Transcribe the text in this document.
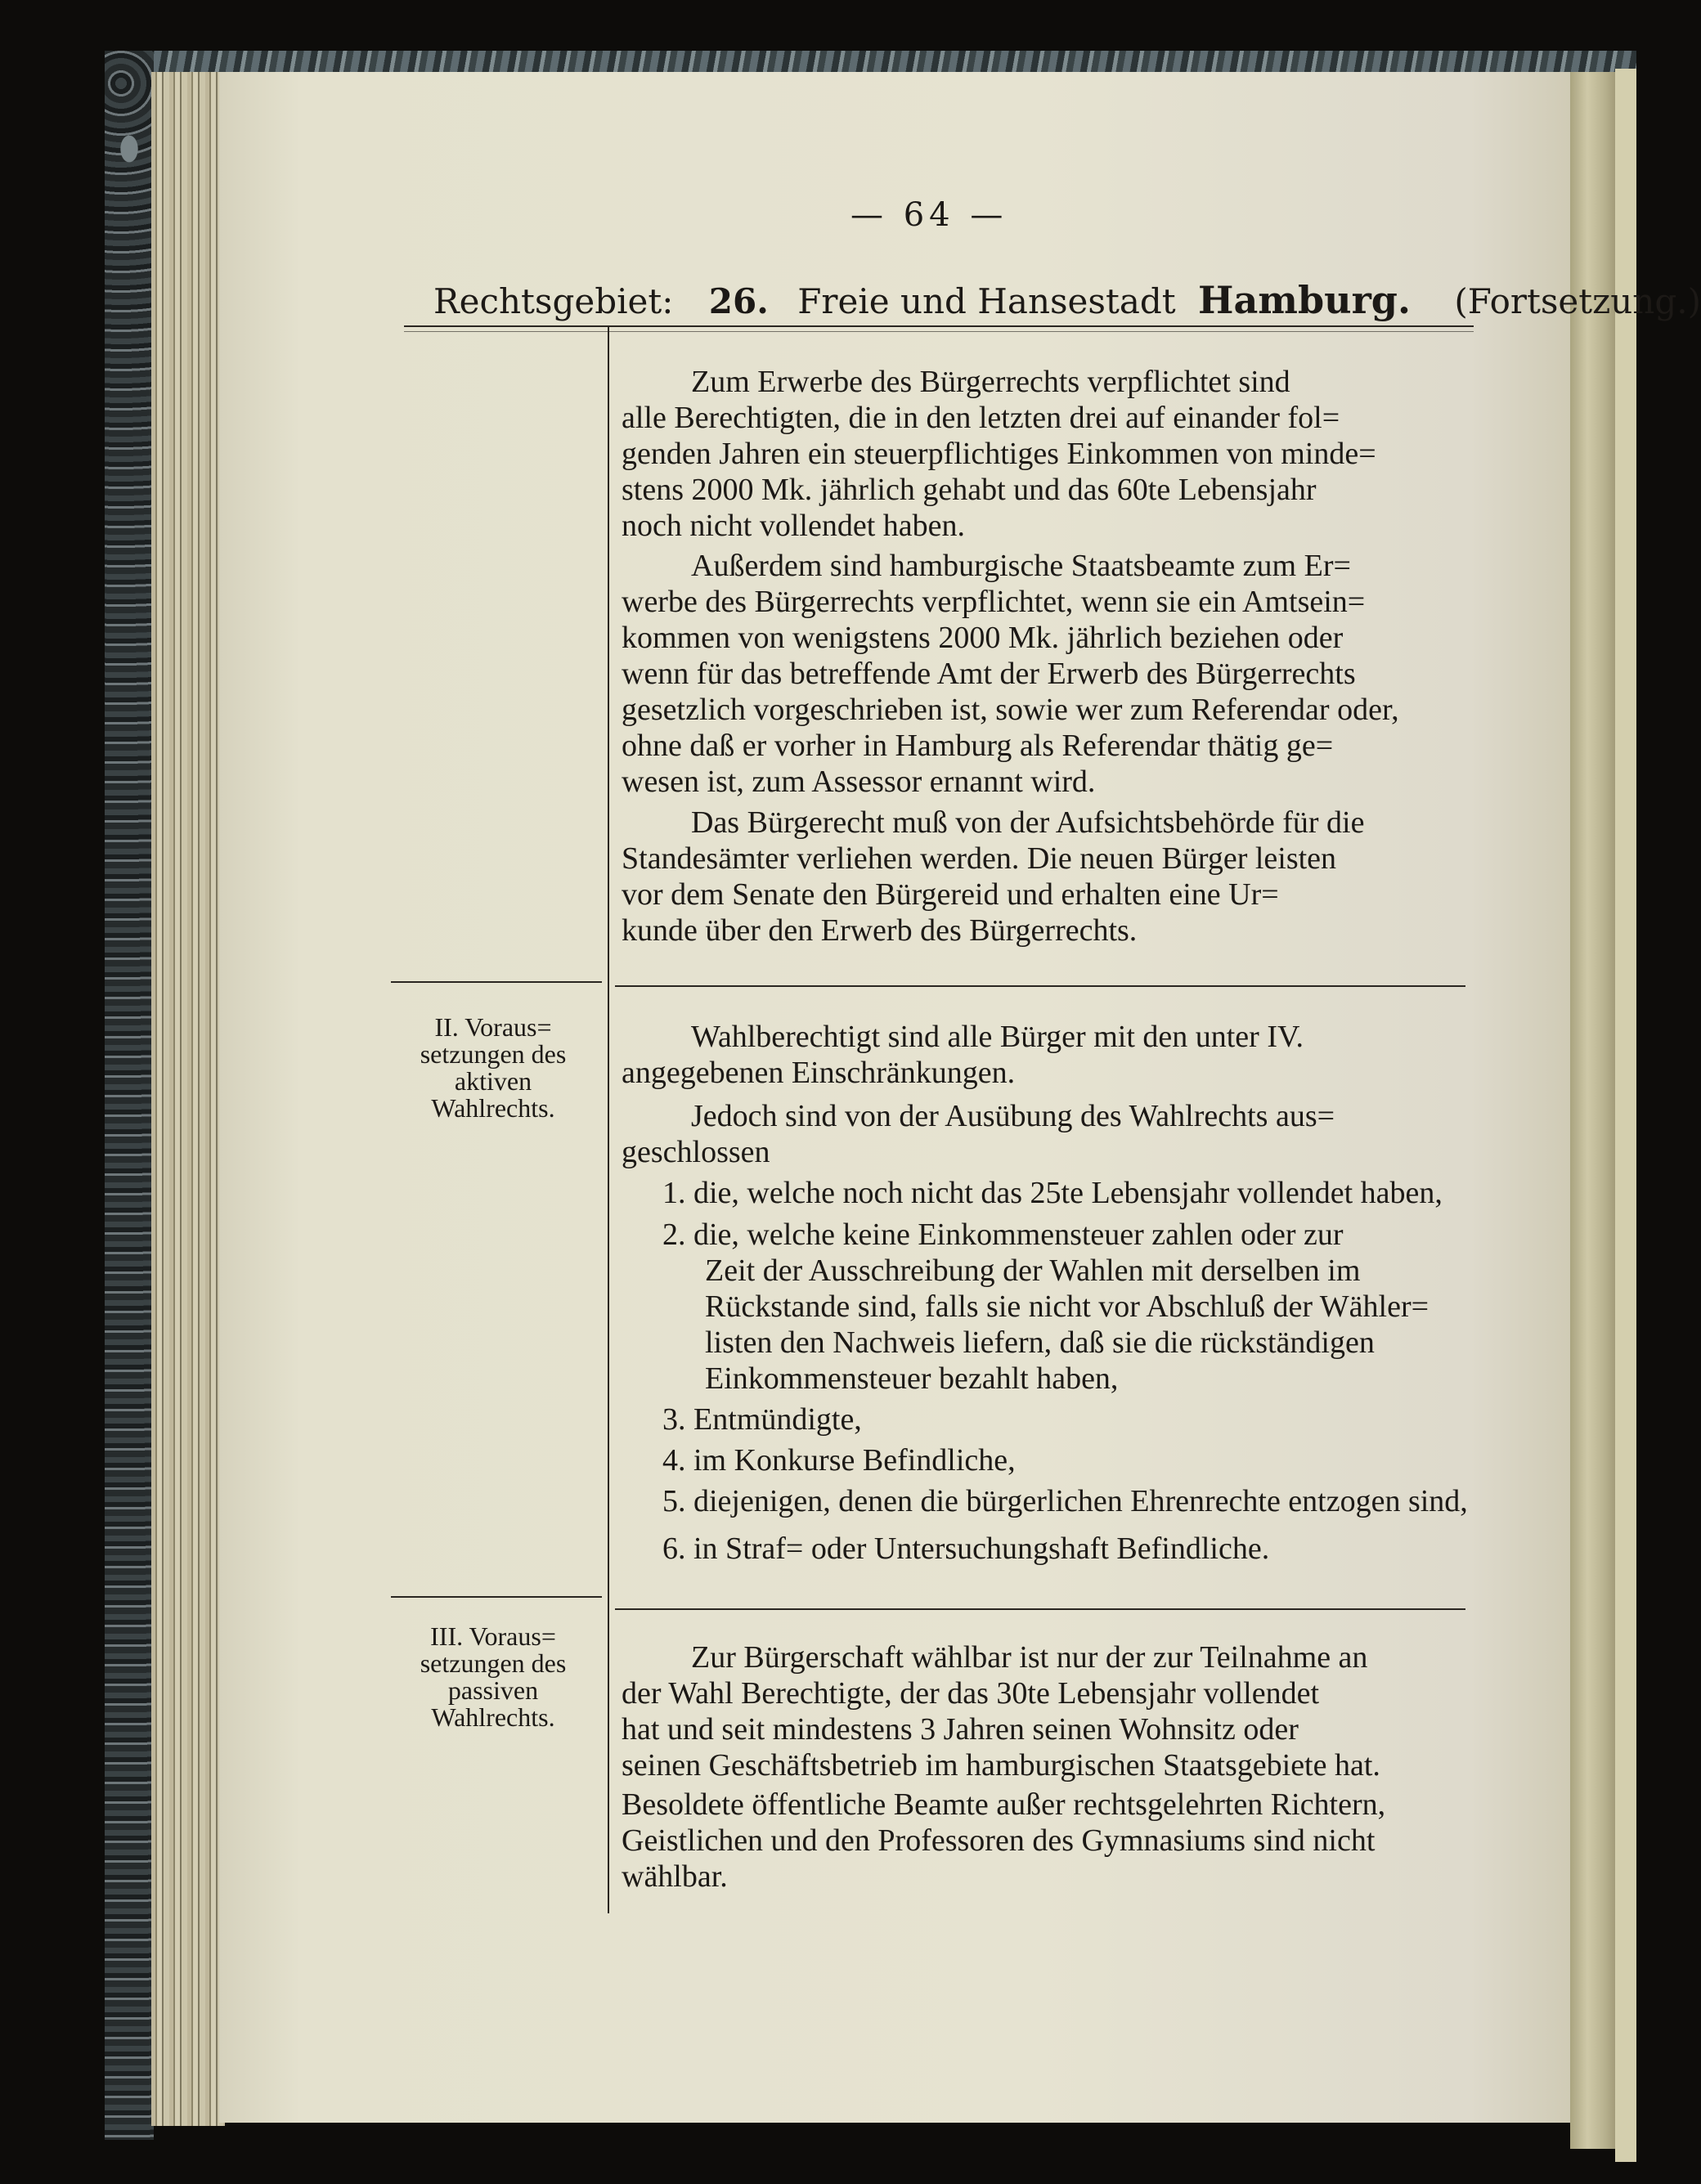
— 64 —
Rechtsgebiet: 26. Freie und Hansestadt Hamburg. (Fortsetzung.)
Zum Erwerbe des Bürgerrechts verpflichtet sind
alle Berechtigten, die in den letzten drei auf einander fol=
genden Jahren ein steuerpflichtiges Einkommen von minde=
stens 2000 Mk. jährlich gehabt und das 60te Lebensjahr
noch nicht vollendet haben.
Außerdem sind hamburgische Staatsbeamte zum Er=
werbe des Bürgerrechts verpflichtet, wenn sie ein Amtsein=
kommen von wenigstens 2000 Mk. jährlich beziehen oder
wenn für das betreffende Amt der Erwerb des Bürgerrechts
gesetzlich vorgeschrieben ist, sowie wer zum Referendar oder,
ohne daß er vorher in Hamburg als Referendar thätig ge=
wesen ist, zum Assessor ernannt wird.
Das Bürgerecht muß von der Aufsichtsbehörde für die
Standesämter verliehen werden. Die neuen Bürger leisten
vor dem Senate den Bürgereid und erhalten eine Ur=
kunde über den Erwerb des Bürgerrechts.
II. Voraus= setzungen des aktiven Wahlrechts.
Wahlberechtigt sind alle Bürger mit den unter IV.
angegebenen Einschränkungen.
Jedoch sind von der Ausübung des Wahlrechts aus=
geschlossen
1. die, welche noch nicht das 25te Lebensjahr vollendet haben,
2. die, welche keine Einkommensteuer zahlen oder zur
Zeit der Ausschreibung der Wahlen mit derselben im
Rückstande sind, falls sie nicht vor Abschluß der Wähler=
listen den Nachweis liefern, daß sie die rückständigen
Einkommensteuer bezahlt haben,
3. Entmündigte,
4. im Konkurse Befindliche,
5. diejenigen, denen die bürgerlichen Ehrenrechte entzogen sind,
6. in Straf= oder Untersuchungshaft Befindliche.
III. Voraus= setzungen des passiven Wahlrechts.
Zur Bürgerschaft wählbar ist nur der zur Teilnahme an
der Wahl Berechtigte, der das 30te Lebensjahr vollendet
hat und seit mindestens 3 Jahren seinen Wohnsitz oder
seinen Geschäftsbetrieb im hamburgischen Staatsgebiete hat.
Besoldete öffentliche Beamte außer rechtsgelehrten Richtern,
Geistlichen und den Professoren des Gymnasiums sind nicht
wählbar.
